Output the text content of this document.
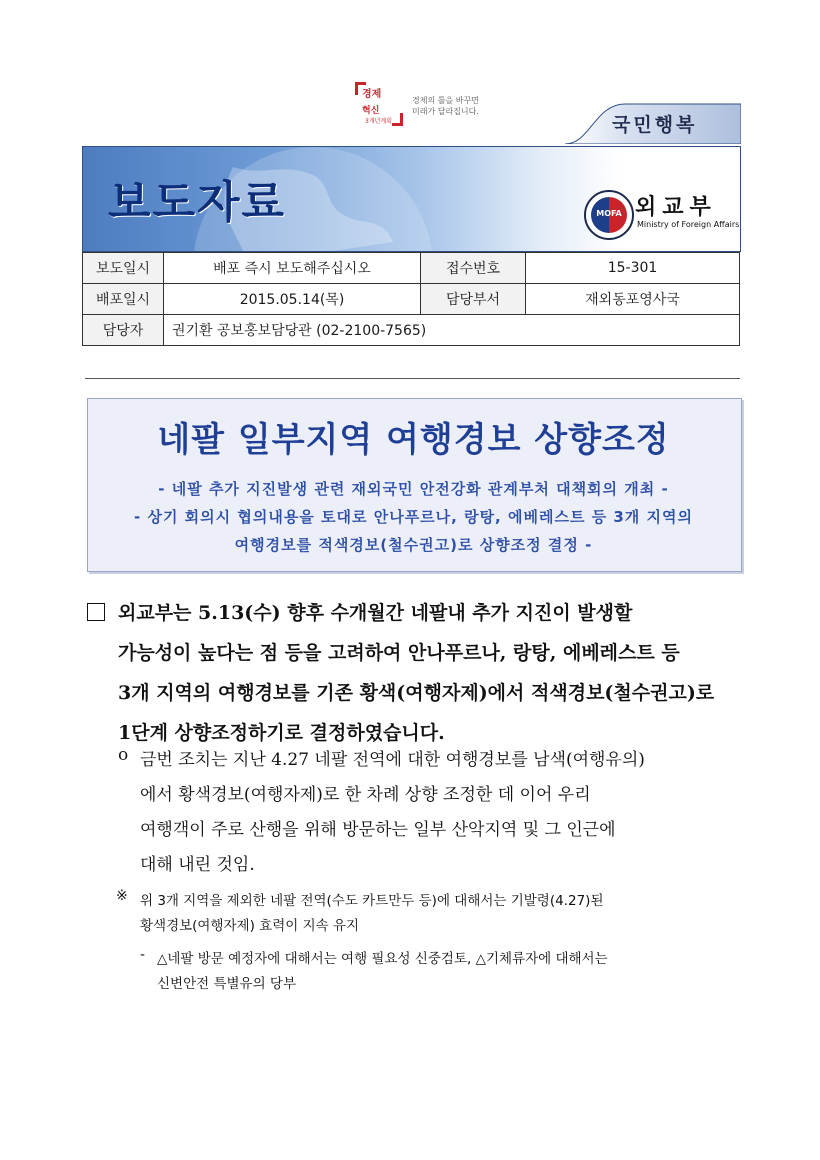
경제
혁신
3개년계획
경제의 틀을 바꾸면
미래가 달라집니다.
국민행복
보도자료	MOFA 외교부
Ministry of Foreign Affairs
보도일시	배포 즉시 보도해주십시오	접수번호	15-301
배포일시	2015.05.14(목)	담당부서	재외동포영사국
담당자	권기환 공보홍보담당관 (02-2100-7565)		
네팔 일부지역 여행경보 상향조정
- 네팔 추가 지진발생 관련 재외국민 안전강화 관계부처 대책회의 개최 -
- 상기 회의시 협의내용을 토대로 안나푸르나, 랑탕, 에베레스트 등 3개 지역의
여행경보를 적색경보(철수권고)로 상향조정 결정 -
외교부는 5.13(수) 향후 수개월간 네팔내 추가 지진이 발생할
가능성이 높다는 점 등을 고려하여 안나푸르나, 랑탕, 에베레스트 등
3개 지역의 여행경보를 기존 황색(여행자제)에서 적색경보(철수권고)로
1단계 상향조정하기로 결정하였습니다.
o 금번 조치는 지난 4.27 네팔 전역에 대한 여행경보를 남색(여행유의)
에서 황색경보(여행자제)로 한 차례 상향 조정한 데 이어 우리
여행객이 주로 산행을 위해 방문하는 일부 산악지역 및 그 인근에
대해 내린 것임.
※ 위 3개 지역을 제외한 네팔 전역(수도 카트만두 등)에 대해서는 기발령(4.27)된
황색경보(여행자제) 효력이 지속 유지
- △네팔 방문 예정자에 대해서는 여행 필요성 신중검토, △기체류자에 대해서는
신변안전 특별유의 당부
